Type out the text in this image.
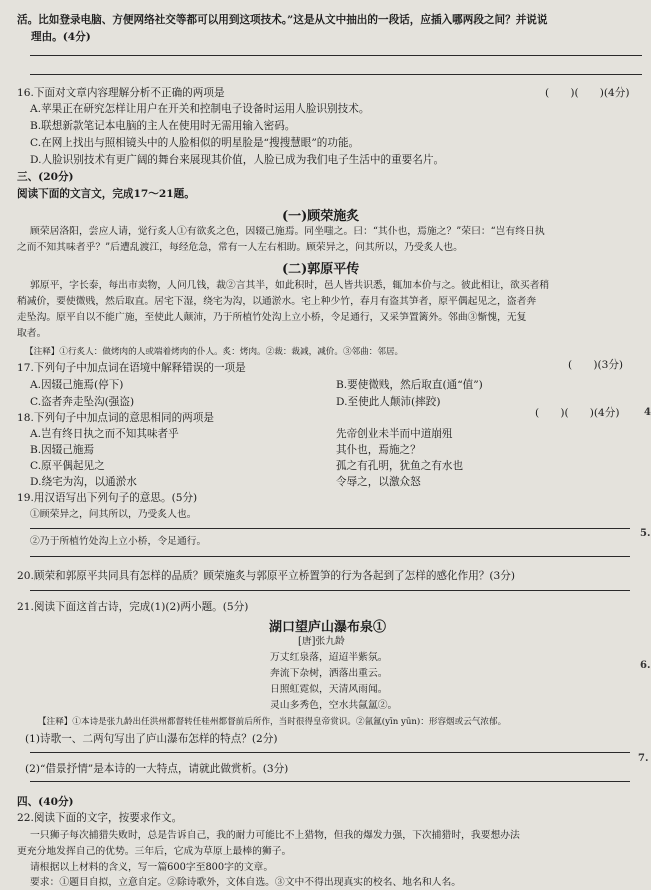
活。比如登录电脑、方便网络社交等都可以用到这项技术。”这是从文中抽出的一段话，应插入哪两段之间？并说说
理由。(4分)
16.下面对文章内容理解分析不正确的两项是	(　　)(　　)(4分)
A.苹果正在研究怎样让用户在开关和控制电子设备时运用人脸识别技术。
B.联想新款笔记本电脑的主人在使用时无需用输入密码。
C.在网上找出与照相镜头中的人脸相似的明星脸是“搜搜慧眼”的功能。
D.人脸识别技术有更广阔的舞台来展现其价值，人脸已成为我们电子生活中的重要名片。
三、(20分)
阅读下面的文言文，完成17～21题。
(一)顾荣施炙
顾荣居洛阳，尝应人请，觉行炙人①有欲炙之色，因辍己施焉。同坐嗤之。曰：“其仆也，焉施之？”荣曰：“岂有终日执
之而不知其味者乎？”后遭乱渡江，每经危急，常有一人左右相助。顾荣异之，问其所以，乃受炙人也。
(二)郭原平传
郭原平，字长泰，每出市卖物，人问几钱，裁②言其半，如此积时，邑人皆共识悉，辄加本价与之。彼此相让，欲买者稍
稍减价，要使微贱，然后取直。居宅下湿，绕宅为沟，以通淤水。宅上种少竹，春月有盗其笋者，原平偶起见之，盗者奔
走坠沟。原平自以不能广施，至使此人颠沛，乃于所植竹处沟上立小桥，令足通行，又采笋置篱外。邻曲③惭愧，无复
取者。
【注释】①行炙人：做烤肉的人或端着烤肉的仆人。炙：烤肉。②裁：裁减，减价。③邻曲：邻居。
17.下列句子中加点词在语境中解释错误的一项是	(　　)(3分)
A.因辍己施焉(停下)	B.要使微贱，然后取直(通“值”)
C.盗者奔走坠沟(强盗)	D.至使此人颠沛(摔跤)
18.下列句子中加点词的意思相同的两项是	(　　)(　　)(4分)
A.岂有终日执之而不知其味者乎	先帝创业未半而中道崩殂
B.因辍己施焉	其仆也，焉施之？
C.原平偶起见之	孤之有孔明，犹鱼之有水也
D.绕宅为沟，以通淤水	令辱之，以激众怒
19.用汉语写出下列句子的意思。(5分)
①顾荣异之，问其所以，乃受炙人也。
②乃于所植竹处沟上立小桥，令足通行。
20.顾荣和郭原平共同具有怎样的品质？顾荣施炙与郭原平立桥置笋的行为各起到了怎样的感化作用？(3分)
21.阅读下面这首古诗，完成(1)(2)两小题。(5分)
湖口望庐山瀑布泉①
[唐]张九龄
万丈红泉落，迢迢半紫氛。
奔流下杂树，洒落出重云。
日照虹霓似，天清风雨闻。
灵山多秀色，空水共氤氲②。
【注释】①本诗是张九龄出任洪州都督转任桂州都督前后所作，当时很得皇帝赏识。②氤氲(yīn yūn)：形容烟或云气浓郁。
(1)诗歌一、二两句写出了庐山瀑布怎样的特点？(2分)
(2)“借景抒情”是本诗的一大特点，请就此做赏析。(3分)
四、(40分)
22.阅读下面的文字，按要求作文。
一只狮子每次捕猎失败时，总是告诉自己，我的耐力可能比不上猎物，但我的爆发力强，下次捕猎时，我要想办法
更充分地发挥自己的优势。三年后，它成为草原上最棒的狮子。
请根据以上材料的含义，写一篇600字至800字的文章。
要求：①题目自拟，立意自定。②除诗歌外，文体自选。③文中不得出现真实的校名、地名和人名。
5.
6.
7.
4
